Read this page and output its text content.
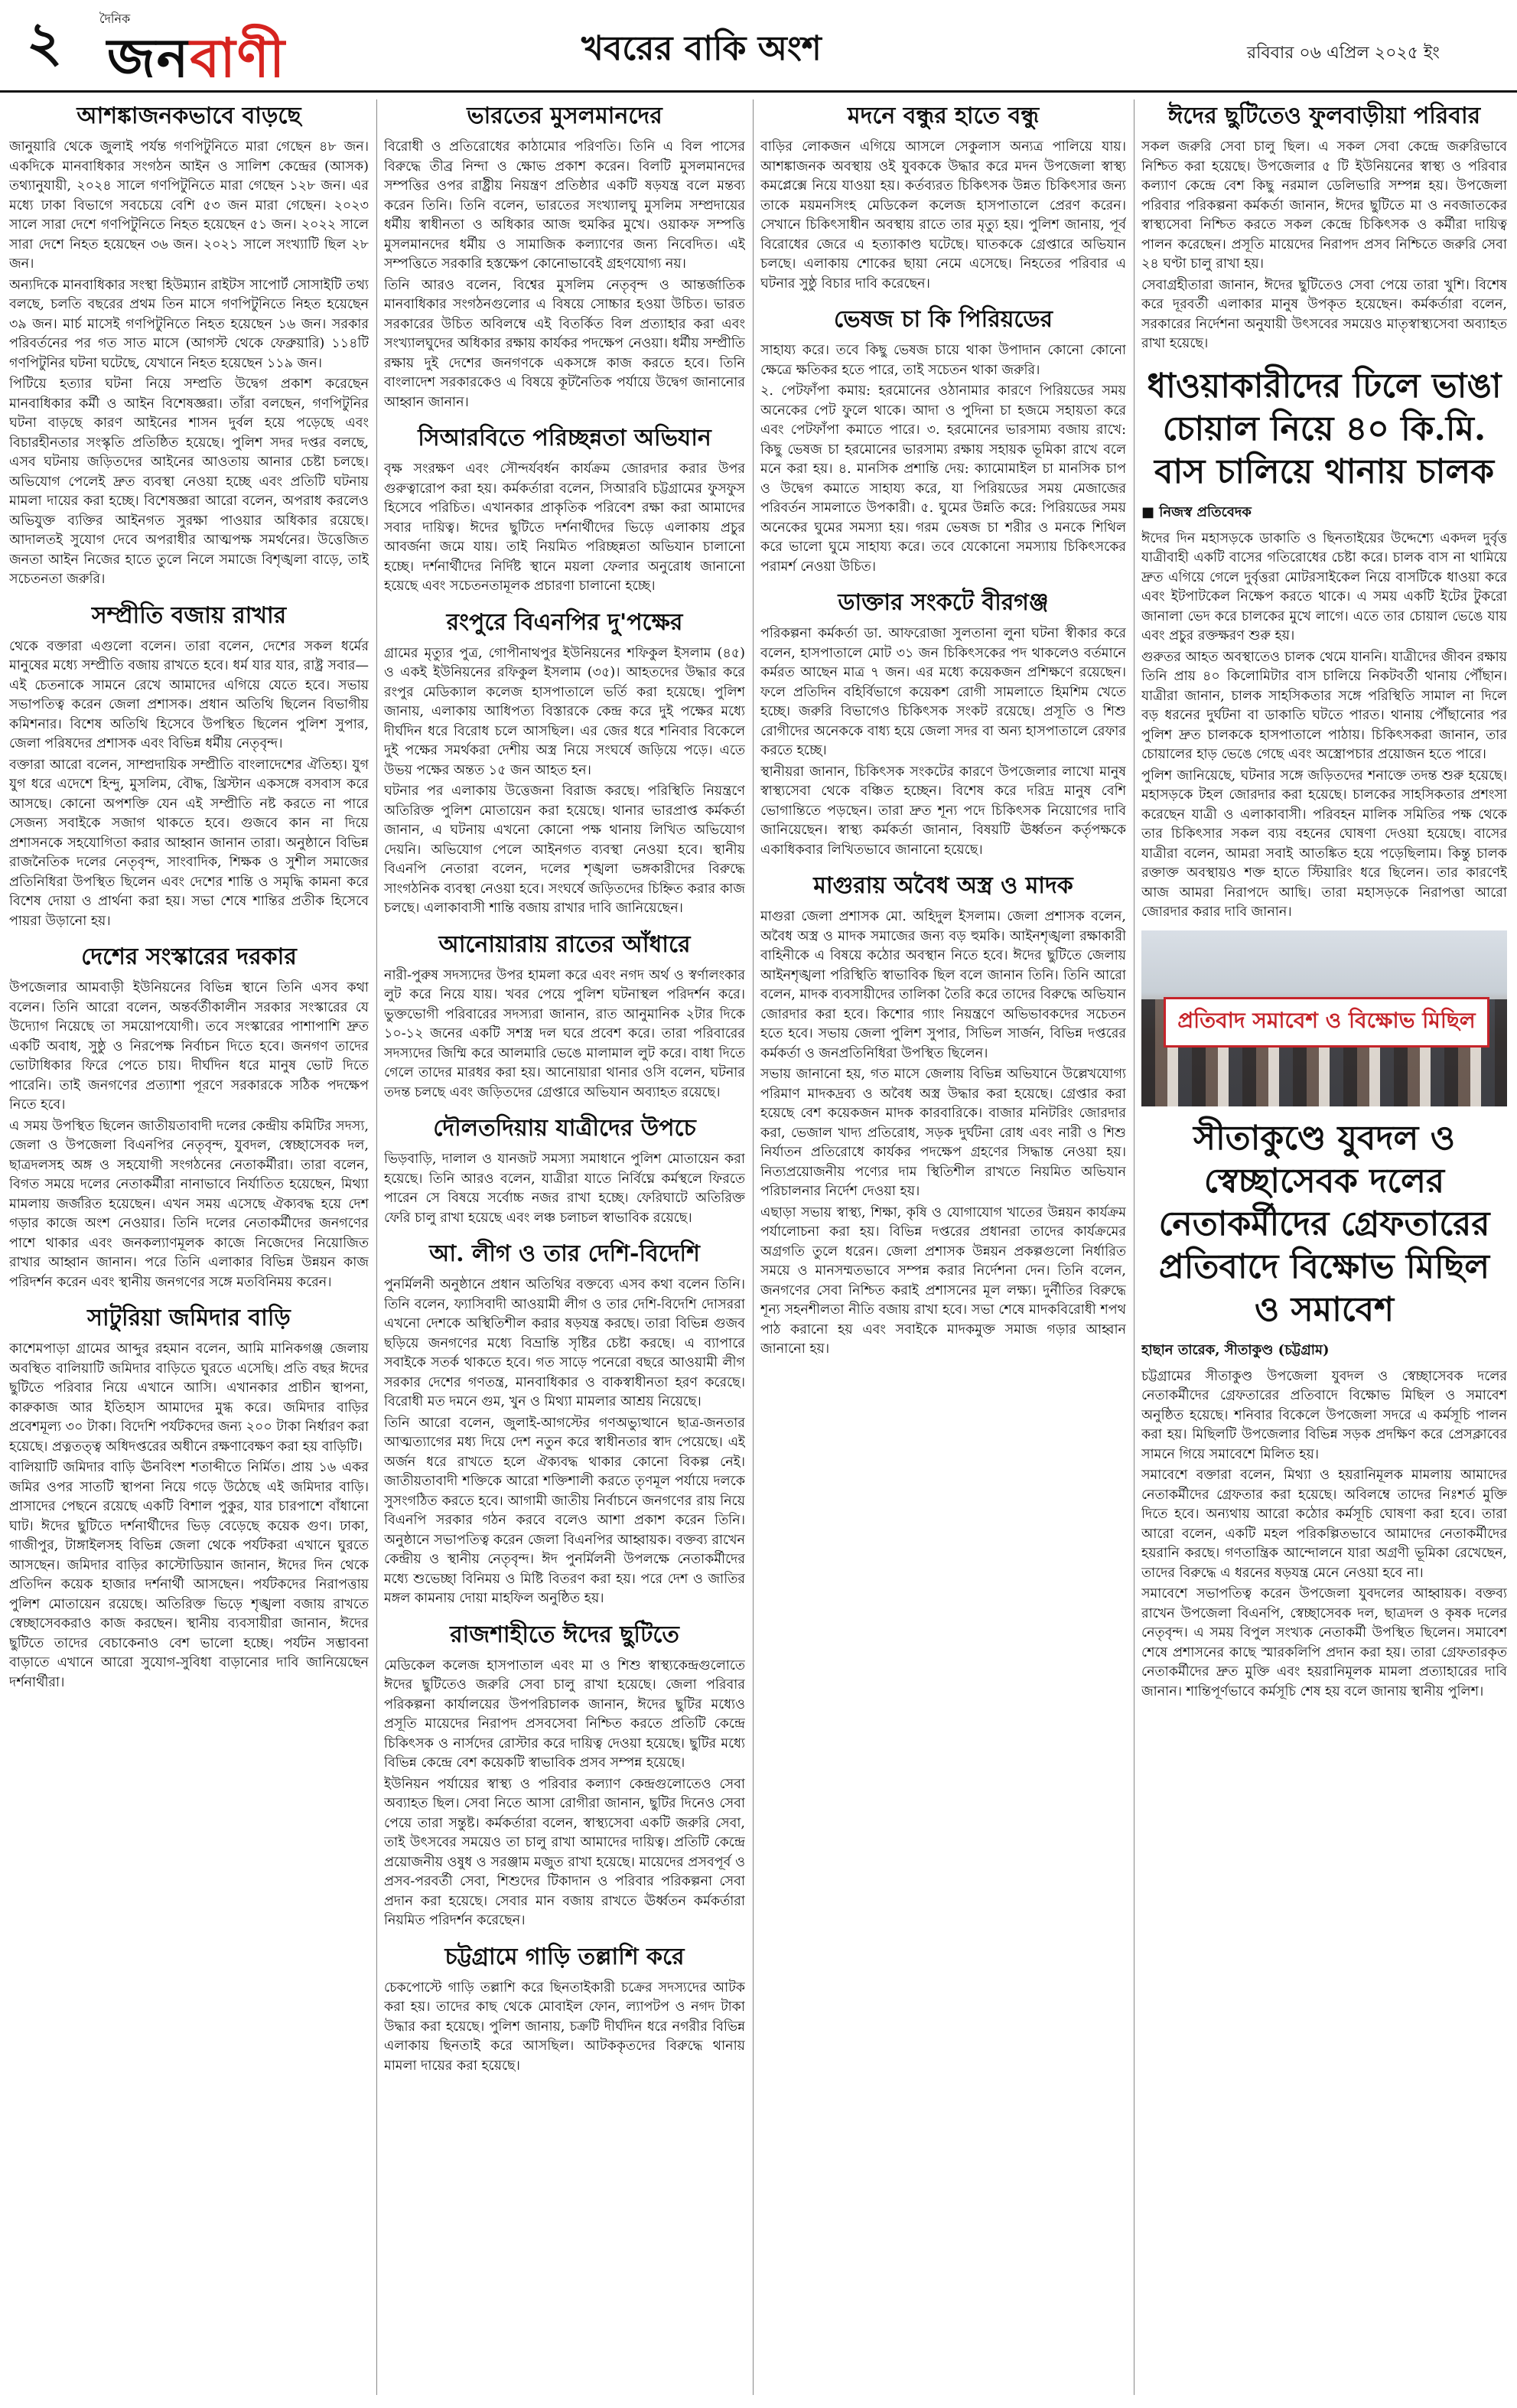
২	দৈনিক
জনবাণী	খবরের বাকি অংশ	রবিবার ০৬ এপ্রিল ২০২৫ ইং
আশঙ্কাজনকভাবে বাড়ছে

জানুয়ারি থেকে জুলাই পর্যন্ত গণপিটুনিতে মারা গেছেন ৪৮ জন। একদিকে মানবাধিকার সংগঠন আইন ও সালিশ কেন্দ্রের (আসক) তথ্যানুযায়ী, ২০২৪ সালে গণপিটুনিতে মারা গেছেন ১২৮ জন। এর মধ্যে ঢাকা বিভাগে সবচেয়ে বেশি ৫৩ জন মারা গেছেন। ২০২৩ সালে সারা দেশে গণপিটুনিতে নিহত হয়েছেন ৫১ জন। ২০২২ সালে সারা দেশে নিহত হয়েছেন ৩৬ জন। ২০২১ সালে সংখ্যাটি ছিল ২৮ জন।

অন্যদিকে মানবাধিকার সংস্থা হিউম্যান রাইটস সাপোর্ট সোসাইটি তথ্য বলছে, চলতি বছরের প্রথম তিন মাসে গণপিটুনিতে নিহত হয়েছেন ৩৯ জন। মার্চ মাসেই গণপিটুনিতে নিহত হয়েছেন ১৬ জন। সরকার পরিবর্তনের পর গত সাত মাসে (আগস্ট থেকে ফেব্রুয়ারি) ১১৪টি গণপিটুনির ঘটনা ঘটেছে, যেখানে নিহত হয়েছেন ১১৯ জন।

পিটিয়ে হত্যার ঘটনা নিয়ে সম্প্রতি উদ্বেগ প্রকাশ করেছেন মানবাধিকার কর্মী ও আইন বিশেষজ্ঞরা। তাঁরা বলছেন, গণপিটুনির ঘটনা বাড়ছে কারণ আইনের শাসন দুর্বল হয়ে পড়েছে এবং বিচারহীনতার সংস্কৃতি প্রতিষ্ঠিত হয়েছে। পুলিশ সদর দপ্তর বলছে, এসব ঘটনায় জড়িতদের আইনের আওতায় আনার চেষ্টা চলছে। অভিযোগ পেলেই দ্রুত ব্যবস্থা নেওয়া হচ্ছে এবং প্রতিটি ঘটনায় মামলা দায়ের করা হচ্ছে। বিশেষজ্ঞরা আরো বলেন, অপরাধ করলেও অভিযুক্ত ব্যক্তির আইনগত সুরক্ষা পাওয়ার অধিকার রয়েছে। আদালতই সুযোগ দেবে অপরাধীর আত্মপক্ষ সমর্থনের। উত্তেজিত জনতা আইন নিজের হাতে তুলে নিলে সমাজে বিশৃঙ্খলা বাড়ে, তাই সচেতনতা জরুরি।

সম্প্রীতি বজায় রাখার

থেকে বক্তারা এগুলো বলেন। তারা বলেন, দেশের সকল ধর্মের মানুষের মধ্যে সম্প্রীতি বজায় রাখতে হবে। ধর্ম যার যার, রাষ্ট্র সবার—এই চেতনাকে সামনে রেখে আমাদের এগিয়ে যেতে হবে। সভায় সভাপতিত্ব করেন জেলা প্রশাসক। প্রধান অতিথি ছিলেন বিভাগীয় কমিশনার। বিশেষ অতিথি হিসেবে উপস্থিত ছিলেন পুলিশ সুপার, জেলা পরিষদের প্রশাসক এবং বিভিন্ন ধর্মীয় নেতৃবৃন্দ।

বক্তারা আরো বলেন, সাম্প্রদায়িক সম্প্রীতি বাংলাদেশের ঐতিহ্য। যুগ যুগ ধরে এদেশে হিন্দু, মুসলিম, বৌদ্ধ, খ্রিস্টান একসঙ্গে বসবাস করে আসছে। কোনো অপশক্তি যেন এই সম্প্রীতি নষ্ট করতে না পারে সেজন্য সবাইকে সজাগ থাকতে হবে। গুজবে কান না দিয়ে প্রশাসনকে সহযোগিতা করার আহ্বান জানান তারা। অনুষ্ঠানে বিভিন্ন রাজনৈতিক দলের নেতৃবৃন্দ, সাংবাদিক, শিক্ষক ও সুশীল সমাজের প্রতিনিধিরা উপস্থিত ছিলেন এবং দেশের শান্তি ও সমৃদ্ধি কামনা করে বিশেষ দোয়া ও প্রার্থনা করা হয়। সভা শেষে শান্তির প্রতীক হিসেবে পায়রা উড়ানো হয়।

দেশের সংস্কারের দরকার

উপজেলার আমবাড়ী ইউনিয়নের বিভিন্ন স্থানে তিনি এসব কথা বলেন। তিনি আরো বলেন, অন্তর্বর্তীকালীন সরকার সংস্কারের যে উদ্যোগ নিয়েছে তা সময়োপযোগী। তবে সংস্কারের পাশাপাশি দ্রুত একটি অবাধ, সুষ্ঠু ও নিরপেক্ষ নির্বাচন দিতে হবে। জনগণ তাদের ভোটাধিকার ফিরে পেতে চায়। দীর্ঘদিন ধরে মানুষ ভোট দিতে পারেনি। তাই জনগণের প্রত্যাশা পূরণে সরকারকে সঠিক পদক্ষেপ নিতে হবে।

এ সময় উপস্থিত ছিলেন জাতীয়তাবাদী দলের কেন্দ্রীয় কমিটির সদস্য, জেলা ও উপজেলা বিএনপির নেতৃবৃন্দ, যুবদল, স্বেচ্ছাসেবক দল, ছাত্রদলসহ অঙ্গ ও সহযোগী সংগঠনের নেতাকর্মীরা। তারা বলেন, বিগত সময়ে দলের নেতাকর্মীরা নানাভাবে নির্যাতিত হয়েছেন, মিথ্যা মামলায় জর্জরিত হয়েছেন। এখন সময় এসেছে ঐক্যবদ্ধ হয়ে দেশ গড়ার কাজে অংশ নেওয়ার। তিনি দলের নেতাকর্মীদের জনগণের পাশে থাকার এবং জনকল্যাণমূলক কাজে নিজেদের নিয়োজিত রাখার আহ্বান জানান। পরে তিনি এলাকার বিভিন্ন উন্নয়ন কাজ পরিদর্শন করেন এবং স্থানীয় জনগণের সঙ্গে মতবিনিময় করেন।

সাটুরিয়া জমিদার বাড়ি

কাশেমপাড়া গ্রামের আব্দুর রহমান বলেন, আমি মানিকগঞ্জ জেলায় অবস্থিত বালিয়াটি জমিদার বাড়িতে ঘুরতে এসেছি। প্রতি বছর ঈদের ছুটিতে পরিবার নিয়ে এখানে আসি। এখানকার প্রাচীন স্থাপনা, কারুকাজ আর ইতিহাস আমাদের মুগ্ধ করে। জমিদার বাড়ির প্রবেশমূল্য ৩০ টাকা। বিদেশি পর্যটকদের জন্য ২০০ টাকা নির্ধারণ করা হয়েছে। প্রত্নতত্ত্ব অধিদপ্তরের অধীনে রক্ষণাবেক্ষণ করা হয় বাড়িটি।

বালিয়াটি জমিদার বাড়ি ঊনবিংশ শতাব্দীতে নির্মিত। প্রায় ১৬ একর জমির ওপর সাতটি স্থাপনা নিয়ে গড়ে উঠেছে এই জমিদার বাড়ি। প্রাসাদের পেছনে রয়েছে একটি বিশাল পুকুর, যার চারপাশে বাঁধানো ঘাট। ঈদের ছুটিতে দর্শনার্থীদের ভিড় বেড়েছে কয়েক গুণ। ঢাকা, গাজীপুর, টাঙ্গাইলসহ বিভিন্ন জেলা থেকে পর্যটকরা এখানে ঘুরতে আসছেন। জমিদার বাড়ির কাস্টোডিয়ান জানান, ঈদের দিন থেকে প্রতিদিন কয়েক হাজার দর্শনার্থী আসছেন। পর্যটকদের নিরাপত্তায় পুলিশ মোতায়েন রয়েছে। অতিরিক্ত ভিড়ে শৃঙ্খলা বজায় রাখতে স্বেচ্ছাসেবকরাও কাজ করছেন। স্থানীয় ব্যবসায়ীরা জানান, ঈদের ছুটিতে তাদের বেচাকেনাও বেশ ভালো হচ্ছে। পর্যটন সম্ভাবনা বাড়াতে এখানে আরো সুযোগ-সুবিধা বাড়ানোর দাবি জানিয়েছেন দর্শনার্থীরা।

ভারতের মুসলমানদের

বিরোধী ও প্রতিরোধের কাঠামোর পরিণতি। তিনি এ বিল পাসের বিরুদ্ধে তীব্র নিন্দা ও ক্ষোভ প্রকাশ করেন। বিলটি মুসলমানদের সম্পত্তির ওপর রাষ্ট্রীয় নিয়ন্ত্রণ প্রতিষ্ঠার একটি ষড়যন্ত্র বলে মন্তব্য করেন তিনি। তিনি বলেন, ভারতের সংখ্যালঘু মুসলিম সম্প্রদায়ের ধর্মীয় স্বাধীনতা ও অধিকার আজ হুমকির মুখে। ওয়াকফ সম্পত্তি মুসলমানদের ধর্মীয় ও সামাজিক কল্যাণের জন্য নিবেদিত। এই সম্পত্তিতে সরকারি হস্তক্ষেপ কোনোভাবেই গ্রহণযোগ্য নয়।

তিনি আরও বলেন, বিশ্বের মুসলিম নেতৃবৃন্দ ও আন্তর্জাতিক মানবাধিকার সংগঠনগুলোর এ বিষয়ে সোচ্চার হওয়া উচিত। ভারত সরকারের উচিত অবিলম্বে এই বিতর্কিত বিল প্রত্যাহার করা এবং সংখ্যালঘুদের অধিকার রক্ষায় কার্যকর পদক্ষেপ নেওয়া। ধর্মীয় সম্প্রীতি রক্ষায় দুই দেশের জনগণকে একসঙ্গে কাজ করতে হবে। তিনি বাংলাদেশ সরকারকেও এ বিষয়ে কূটনৈতিক পর্যায়ে উদ্বেগ জানানোর আহ্বান জানান।

সিআরবিতে পরিচ্ছন্নতা অভিযান

বৃক্ষ সংরক্ষণ এবং সৌন্দর্যবর্ধন কার্যক্রম জোরদার করার উপর গুরুত্বারোপ করা হয়। কর্মকর্তারা বলেন, সিআরবি চট্টগ্রামের ফুসফুস হিসেবে পরিচিত। এখানকার প্রাকৃতিক পরিবেশ রক্ষা করা আমাদের সবার দায়িত্ব। ঈদের ছুটিতে দর্শনার্থীদের ভিড়ে এলাকায় প্রচুর আবর্জনা জমে যায়। তাই নিয়মিত পরিচ্ছন্নতা অভিযান চালানো হচ্ছে। দর্শনার্থীদের নির্দিষ্ট স্থানে ময়লা ফেলার অনুরোধ জানানো হয়েছে এবং সচেতনতামূলক প্রচারণা চালানো হচ্ছে।

রংপুরে বিএনপির দু'পক্ষের

গ্রামের মৃত্যুর পুত্র, গোপীনাথপুর ইউনিয়নের শফিকুল ইসলাম (৪৫) ও একই ইউনিয়নের রফিকুল ইসলাম (৩৫)। আহতদের উদ্ধার করে রংপুর মেডিক্যাল কলেজ হাসপাতালে ভর্তি করা হয়েছে। পুলিশ জানায়, এলাকায় আধিপত্য বিস্তারকে কেন্দ্র করে দুই পক্ষের মধ্যে দীর্ঘদিন ধরে বিরোধ চলে আসছিল। এর জের ধরে শনিবার বিকেলে দুই পক্ষের সমর্থকরা দেশীয় অস্ত্র নিয়ে সংঘর্ষে জড়িয়ে পড়ে। এতে উভয় পক্ষের অন্তত ১৫ জন আহত হন।

ঘটনার পর এলাকায় উত্তেজনা বিরাজ করছে। পরিস্থিতি নিয়ন্ত্রণে অতিরিক্ত পুলিশ মোতায়েন করা হয়েছে। থানার ভারপ্রাপ্ত কর্মকর্তা জানান, এ ঘটনায় এখনো কোনো পক্ষ থানায় লিখিত অভিযোগ দেয়নি। অভিযোগ পেলে আইনগত ব্যবস্থা নেওয়া হবে। স্থানীয় বিএনপি নেতারা বলেন, দলের শৃঙ্খলা ভঙ্গকারীদের বিরুদ্ধে সাংগঠনিক ব্যবস্থা নেওয়া হবে। সংঘর্ষে জড়িতদের চিহ্নিত করার কাজ চলছে। এলাকাবাসী শান্তি বজায় রাখার দাবি জানিয়েছেন।

আনোয়ারায় রাতের আঁধারে

নারী-পুরুষ সদস্যদের উপর হামলা করে এবং নগদ অর্থ ও স্বর্ণালংকার লুট করে নিয়ে যায়। খবর পেয়ে পুলিশ ঘটনাস্থল পরিদর্শন করে। ভুক্তভোগী পরিবারের সদস্যরা জানান, রাত আনুমানিক ২টার দিকে ১০-১২ জনের একটি সশস্ত্র দল ঘরে প্রবেশ করে। তারা পরিবারের সদস্যদের জিম্মি করে আলমারি ভেঙে মালামাল লুট করে। বাধা দিতে গেলে তাদের মারধর করা হয়। আনোয়ারা থানার ওসি বলেন, ঘটনার তদন্ত চলছে এবং জড়িতদের গ্রেপ্তারে অভিযান অব্যাহত রয়েছে।

দৌলতদিয়ায় যাত্রীদের উপচে

ভিড়বাড়ি, দালাল ও যানজট সমস্যা সমাধানে পুলিশ মোতায়েন করা হয়েছে। তিনি আরও বলেন, যাত্রীরা যাতে নির্বিঘ্নে কর্মস্থলে ফিরতে পারেন সে বিষয়ে সর্বোচ্চ নজর রাখা হচ্ছে। ফেরিঘাটে অতিরিক্ত ফেরি চালু রাখা হয়েছে এবং লঞ্চ চলাচল স্বাভাবিক রয়েছে।

আ. লীগ ও তার দেশি-বিদেশি

পুনর্মিলনী অনুষ্ঠানে প্রধান অতিথির বক্তব্যে এসব কথা বলেন তিনি। তিনি বলেন, ফ্যাসিবাদী আওয়ামী লীগ ও তার দেশি-বিদেশি দোসররা এখনো দেশকে অস্থিতিশীল করার ষড়যন্ত্র করছে। তারা বিভিন্ন গুজব ছড়িয়ে জনগণের মধ্যে বিভ্রান্তি সৃষ্টির চেষ্টা করছে। এ ব্যাপারে সবাইকে সতর্ক থাকতে হবে। গত সাড়ে পনেরো বছরে আওয়ামী লীগ সরকার দেশের গণতন্ত্র, মানবাধিকার ও বাকস্বাধীনতা হরণ করেছে। বিরোধী মত দমনে গুম, খুন ও মিথ্যা মামলার আশ্রয় নিয়েছে।

তিনি আরো বলেন, জুলাই-আগস্টের গণঅভ্যুত্থানে ছাত্র-জনতার আত্মত্যাগের মধ্য দিয়ে দেশ নতুন করে স্বাধীনতার স্বাদ পেয়েছে। এই অর্জন ধরে রাখতে হলে ঐক্যবদ্ধ থাকার কোনো বিকল্প নেই। জাতীয়তাবাদী শক্তিকে আরো শক্তিশালী করতে তৃণমূল পর্যায়ে দলকে সুসংগঠিত করতে হবে। আগামী জাতীয় নির্বাচনে জনগণের রায় নিয়ে বিএনপি সরকার গঠন করবে বলেও আশা প্রকাশ করেন তিনি। অনুষ্ঠানে সভাপতিত্ব করেন জেলা বিএনপির আহ্বায়ক। বক্তব্য রাখেন কেন্দ্রীয় ও স্থানীয় নেতৃবৃন্দ। ঈদ পুনর্মিলনী উপলক্ষে নেতাকর্মীদের মধ্যে শুভেচ্ছা বিনিময় ও মিষ্টি বিতরণ করা হয়। পরে দেশ ও জাতির মঙ্গল কামনায় দোয়া মাহফিল অনুষ্ঠিত হয়।

রাজশাহীতে ঈদের ছুটিতে

মেডিকেল কলেজ হাসপাতাল এবং মা ও শিশু স্বাস্থ্যকেন্দ্রগুলোতে ঈদের ছুটিতেও জরুরি সেবা চালু রাখা হয়েছে। জেলা পরিবার পরিকল্পনা কার্যালয়ের উপপরিচালক জানান, ঈদের ছুটির মধ্যেও প্রসূতি মায়েদের নিরাপদ প্রসবসেবা নিশ্চিত করতে প্রতিটি কেন্দ্রে চিকিৎসক ও নার্সদের রোস্টার করে দায়িত্ব দেওয়া হয়েছে। ছুটির মধ্যে বিভিন্ন কেন্দ্রে বেশ কয়েকটি স্বাভাবিক প্রসব সম্পন্ন হয়েছে।

ইউনিয়ন পর্যায়ের স্বাস্থ্য ও পরিবার কল্যাণ কেন্দ্রগুলোতেও সেবা অব্যাহত ছিল। সেবা নিতে আসা রোগীরা জানান, ছুটির দিনেও সেবা পেয়ে তারা সন্তুষ্ট। কর্মকর্তারা বলেন, স্বাস্থ্যসেবা একটি জরুরি সেবা, তাই উৎসবের সময়েও তা চালু রাখা আমাদের দায়িত্ব। প্রতিটি কেন্দ্রে প্রয়োজনীয় ওষুধ ও সরঞ্জাম মজুত রাখা হয়েছে। মায়েদের প্রসবপূর্ব ও প্রসব-পরবর্তী সেবা, শিশুদের টিকাদান ও পরিবার পরিকল্পনা সেবা প্রদান করা হয়েছে। সেবার মান বজায় রাখতে ঊর্ধ্বতন কর্মকর্তারা নিয়মিত পরিদর্শন করেছেন।

চট্টগ্রামে গাড়ি তল্লাশি করে

চেকপোস্টে গাড়ি তল্লাশি করে ছিনতাইকারী চক্রের সদস্যদের আটক করা হয়। তাদের কাছ থেকে মোবাইল ফোন, ল্যাপটপ ও নগদ টাকা উদ্ধার করা হয়েছে। পুলিশ জানায়, চক্রটি দীর্ঘদিন ধরে নগরীর বিভিন্ন এলাকায় ছিনতাই করে আসছিল। আটককৃতদের বিরুদ্ধে থানায় মামলা দায়ের করা হয়েছে।

মদনে বন্ধুর হাতে বন্ধু

বাড়ির লোকজন এগিয়ে আসলে সেকুলাস অন্যত্র পালিয়ে যায়। আশঙ্কাজনক অবস্থায় ওই যুবককে উদ্ধার করে মদন উপজেলা স্বাস্থ্য কমপ্লেক্সে নিয়ে যাওয়া হয়। কর্তব্যরত চিকিৎসক উন্নত চিকিৎসার জন্য তাকে ময়মনসিংহ মেডিকেল কলেজ হাসপাতালে প্রেরণ করেন। সেখানে চিকিৎসাধীন অবস্থায় রাতে তার মৃত্যু হয়। পুলিশ জানায়, পূর্ব বিরোধের জেরে এ হত্যাকাণ্ড ঘটেছে। ঘাতককে গ্রেপ্তারে অভিযান চলছে। এলাকায় শোকের ছায়া নেমে এসেছে। নিহতের পরিবার এ ঘটনার সুষ্ঠু বিচার দাবি করেছেন।

ভেষজ চা কি পিরিয়ডের

সাহায্য করে। তবে কিছু ভেষজ চায়ে থাকা উপাদান কোনো কোনো ক্ষেত্রে ক্ষতিকর হতে পারে, তাই সচেতন থাকা জরুরি।

২. পেটফাঁপা কমায়: হরমোনের ওঠানামার কারণে পিরিয়ডের সময় অনেকের পেট ফুলে থাকে। আদা ও পুদিনা চা হজমে সহায়তা করে এবং পেটফাঁপা কমাতে পারে। ৩. হরমোনের ভারসাম্য বজায় রাখে: কিছু ভেষজ চা হরমোনের ভারসাম্য রক্ষায় সহায়ক ভূমিকা রাখে বলে মনে করা হয়। ৪. মানসিক প্রশান্তি দেয়: ক্যামোমাইল চা মানসিক চাপ ও উদ্বেগ কমাতে সাহায্য করে, যা পিরিয়ডের সময় মেজাজের পরিবর্তন সামলাতে উপকারী। ৫. ঘুমের উন্নতি করে: পিরিয়ডের সময় অনেকের ঘুমের সমস্যা হয়। গরম ভেষজ চা শরীর ও মনকে শিথিল করে ভালো ঘুমে সাহায্য করে। তবে যেকোনো সমস্যায় চিকিৎসকের পরামর্শ নেওয়া উচিত।

ডাক্তার সংকটে বীরগঞ্জ

পরিকল্পনা কর্মকর্তা ডা. আফরোজা সুলতানা লুনা ঘটনা স্বীকার করে বলেন, হাসপাতালে মোট ৩১ জন চিকিৎসকের পদ থাকলেও বর্তমানে কর্মরত আছেন মাত্র ৭ জন। এর মধ্যে কয়েকজন প্রশিক্ষণে রয়েছেন। ফলে প্রতিদিন বহির্বিভাগে কয়েকশ রোগী সামলাতে হিমশিম খেতে হচ্ছে। জরুরি বিভাগেও চিকিৎসক সংকট রয়েছে। প্রসূতি ও শিশু রোগীদের অনেককে বাধ্য হয়ে জেলা সদর বা অন্য হাসপাতালে রেফার করতে হচ্ছে।

স্থানীয়রা জানান, চিকিৎসক সংকটের কারণে উপজেলার লাখো মানুষ স্বাস্থ্যসেবা থেকে বঞ্চিত হচ্ছেন। বিশেষ করে দরিদ্র মানুষ বেশি ভোগান্তিতে পড়ছেন। তারা দ্রুত শূন্য পদে চিকিৎসক নিয়োগের দাবি জানিয়েছেন। স্বাস্থ্য কর্মকর্তা জানান, বিষয়টি ঊর্ধ্বতন কর্তৃপক্ষকে একাধিকবার লিখিতভাবে জানানো হয়েছে।

মাগুরায় অবৈধ অস্ত্র ও মাদক

মাগুরা জেলা প্রশাসক মো. অহিদুল ইসলাম। জেলা প্রশাসক বলেন, অবৈধ অস্ত্র ও মাদক সমাজের জন্য বড় হুমকি। আইনশৃঙ্খলা রক্ষাকারী বাহিনীকে এ বিষয়ে কঠোর অবস্থান নিতে হবে। ঈদের ছুটিতে জেলায় আইনশৃঙ্খলা পরিস্থিতি স্বাভাবিক ছিল বলে জানান তিনি। তিনি আরো বলেন, মাদক ব্যবসায়ীদের তালিকা তৈরি করে তাদের বিরুদ্ধে অভিযান জোরদার করা হবে। কিশোর গ্যাং নিয়ন্ত্রণে অভিভাবকদের সচেতন হতে হবে। সভায় জেলা পুলিশ সুপার, সিভিল সার্জন, বিভিন্ন দপ্তরের কর্মকর্তা ও জনপ্রতিনিধিরা উপস্থিত ছিলেন।

সভায় জানানো হয়, গত মাসে জেলায় বিভিন্ন অভিযানে উল্লেখযোগ্য পরিমাণ মাদকদ্রব্য ও অবৈধ অস্ত্র উদ্ধার করা হয়েছে। গ্রেপ্তার করা হয়েছে বেশ কয়েকজন মাদক কারবারিকে। বাজার মনিটরিং জোরদার করা, ভেজাল খাদ্য প্রতিরোধ, সড়ক দুর্ঘটনা রোধ এবং নারী ও শিশু নির্যাতন প্রতিরোধে কার্যকর পদক্ষেপ গ্রহণের সিদ্ধান্ত নেওয়া হয়। নিত্যপ্রয়োজনীয় পণ্যের দাম স্থিতিশীল রাখতে নিয়মিত অভিযান পরিচালনার নির্দেশ দেওয়া হয়।

এছাড়া সভায় স্বাস্থ্য, শিক্ষা, কৃষি ও যোগাযোগ খাতের উন্নয়ন কার্যক্রম পর্যালোচনা করা হয়। বিভিন্ন দপ্তরের প্রধানরা তাদের কার্যক্রমের অগ্রগতি তুলে ধরেন। জেলা প্রশাসক উন্নয়ন প্রকল্পগুলো নির্ধারিত সময়ে ও মানসম্মতভাবে সম্পন্ন করার নির্দেশনা দেন। তিনি বলেন, জনগণের সেবা নিশ্চিত করাই প্রশাসনের মূল লক্ষ্য। দুর্নীতির বিরুদ্ধে শূন্য সহনশীলতা নীতি বজায় রাখা হবে। সভা শেষে মাদকবিরোধী শপথ পাঠ করানো হয় এবং সবাইকে মাদকমুক্ত সমাজ গড়ার আহ্বান জানানো হয়।

ঈদের ছুটিতেও ফুলবাড়ীয়া পরিবার

সকল জরুরি সেবা চালু ছিল। এ সকল সেবা কেন্দ্রে জরুরিভাবে নিশ্চিত করা হয়েছে। উপজেলার ৫ টি ইউনিয়নের স্বাস্থ্য ও পরিবার কল্যাণ কেন্দ্রে বেশ কিছু নরমাল ডেলিভারি সম্পন্ন হয়। উপজেলা পরিবার পরিকল্পনা কর্মকর্তা জানান, ঈদের ছুটিতে মা ও নবজাতকের স্বাস্থ্যসেবা নিশ্চিত করতে সকল কেন্দ্রে চিকিৎসক ও কর্মীরা দায়িত্ব পালন করেছেন। প্রসূতি মায়েদের নিরাপদ প্রসব নিশ্চিতে জরুরি সেবা ২৪ ঘণ্টা চালু রাখা হয়।

সেবাগ্রহীতারা জানান, ঈদের ছুটিতেও সেবা পেয়ে তারা খুশি। বিশেষ করে দূরবর্তী এলাকার মানুষ উপকৃত হয়েছেন। কর্মকর্তারা বলেন, সরকারের নির্দেশনা অনুযায়ী উৎসবের সময়েও মাতৃস্বাস্থ্যসেবা অব্যাহত রাখা হয়েছে।

ধাওয়াকারীদের ঢিলে ভাঙা চোয়াল নিয়ে ৪০ কি.মি. বাস চালিয়ে থানায় চালক
■ নিজস্ব প্রতিবেদক

ঈদের দিন মহাসড়কে ডাকাতি ও ছিনতাইয়ের উদ্দেশ্যে একদল দুর্বৃত্ত যাত্রীবাহী একটি বাসের গতিরোধের চেষ্টা করে। চালক বাস না থামিয়ে দ্রুত এগিয়ে গেলে দুর্বৃত্তরা মোটরসাইকেল নিয়ে বাসটিকে ধাওয়া করে এবং ইটপাটকেল নিক্ষেপ করতে থাকে। এ সময় একটি ইটের টুকরো জানালা ভেদ করে চালকের মুখে লাগে। এতে তার চোয়াল ভেঙে যায় এবং প্রচুর রক্তক্ষরণ শুরু হয়।

গুরুতর আহত অবস্থাতেও চালক থেমে যাননি। যাত্রীদের জীবন রক্ষায় তিনি প্রায় ৪০ কিলোমিটার বাস চালিয়ে নিকটবর্তী থানায় পৌঁছান। যাত্রীরা জানান, চালক সাহসিকতার সঙ্গে পরিস্থিতি সামাল না দিলে বড় ধরনের দুর্ঘটনা বা ডাকাতি ঘটতে পারত। থানায় পৌঁছানোর পর পুলিশ দ্রুত চালককে হাসপাতালে পাঠায়। চিকিৎসকরা জানান, তার চোয়ালের হাড় ভেঙে গেছে এবং অস্ত্রোপচার প্রয়োজন হতে পারে।

পুলিশ জানিয়েছে, ঘটনার সঙ্গে জড়িতদের শনাক্তে তদন্ত শুরু হয়েছে। মহাসড়কে টহল জোরদার করা হয়েছে। চালকের সাহসিকতার প্রশংসা করেছেন যাত্রী ও এলাকাবাসী। পরিবহন মালিক সমিতির পক্ষ থেকে তার চিকিৎসার সকল ব্যয় বহনের ঘোষণা দেওয়া হয়েছে। বাসের যাত্রীরা বলেন, আমরা সবাই আতঙ্কিত হয়ে পড়েছিলাম। কিন্তু চালক রক্তাক্ত অবস্থায়ও শক্ত হাতে স্টিয়ারিং ধরে ছিলেন। তার কারণেই আজ আমরা নিরাপদে আছি। তারা মহাসড়কে নিরাপত্তা আরো জোরদার করার দাবি জানান।

প্রতিবাদ সমাবেশ ও বিক্ষোভ মিছিল
সীতাকুণ্ডে যুবদল ও স্বেচ্ছাসেবক দলের নেতাকর্মীদের গ্রেফতারের প্রতিবাদে বিক্ষোভ মিছিল ও সমাবেশ
হাছান তারেক, সীতাকুণ্ড (চট্টগ্রাম)

চট্টগ্রামের সীতাকুণ্ড উপজেলা যুবদল ও স্বেচ্ছাসেবক দলের নেতাকর্মীদের গ্রেফতারের প্রতিবাদে বিক্ষোভ মিছিল ও সমাবেশ অনুষ্ঠিত হয়েছে। শনিবার বিকেলে উপজেলা সদরে এ কর্মসূচি পালন করা হয়। মিছিলটি উপজেলার বিভিন্ন সড়ক প্রদক্ষিণ করে প্রেসক্লাবের সামনে গিয়ে সমাবেশে মিলিত হয়।

সমাবেশে বক্তারা বলেন, মিথ্যা ও হয়রানিমূলক মামলায় আমাদের নেতাকর্মীদের গ্রেফতার করা হয়েছে। অবিলম্বে তাদের নিঃশর্ত মুক্তি দিতে হবে। অন্যথায় আরো কঠোর কর্মসূচি ঘোষণা করা হবে। তারা আরো বলেন, একটি মহল পরিকল্পিতভাবে আমাদের নেতাকর্মীদের হয়রানি করছে। গণতান্ত্রিক আন্দোলনে যারা অগ্রণী ভূমিকা রেখেছেন, তাদের বিরুদ্ধে এ ধরনের ষড়যন্ত্র মেনে নেওয়া হবে না।

সমাবেশে সভাপতিত্ব করেন উপজেলা যুবদলের আহ্বায়ক। বক্তব্য রাখেন উপজেলা বিএনপি, স্বেচ্ছাসেবক দল, ছাত্রদল ও কৃষক দলের নেতৃবৃন্দ। এ সময় বিপুল সংখ্যক নেতাকর্মী উপস্থিত ছিলেন। সমাবেশ শেষে প্রশাসনের কাছে স্মারকলিপি প্রদান করা হয়। তারা গ্রেফতারকৃত নেতাকর্মীদের দ্রুত মুক্তি এবং হয়রানিমূলক মামলা প্রত্যাহারের দাবি জানান। শান্তিপূর্ণভাবে কর্মসূচি শেষ হয় বলে জানায় স্থানীয় পুলিশ।
